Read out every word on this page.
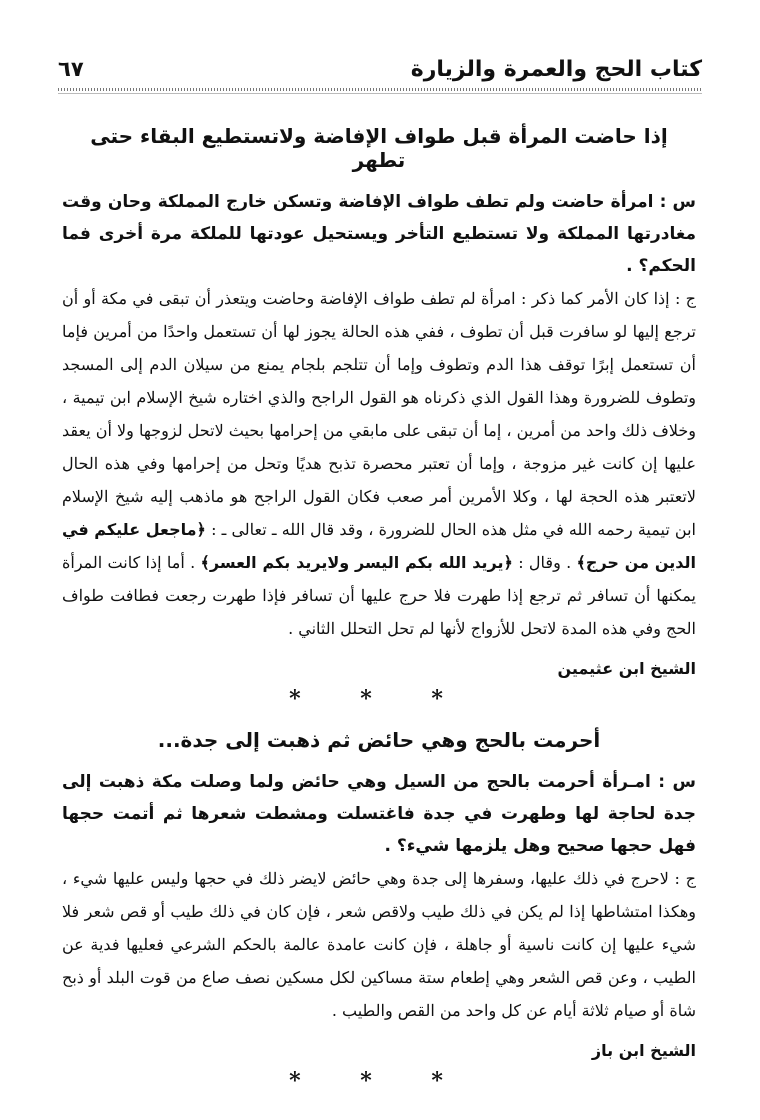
٦٧	كتاب الحج والعمرة والزيارة
إذا حاضت المرأة قبل طواف الإفاضة ولاتستطيع البقاء حتى تطهر

س : امرأة حاضت ولم تطف طواف الإفاضة وتسكن خارج المملكة وحان وقت مغادرتها المملكة ولا تستطيع التأخر ويستحيل عودتها للملكة مرة أخرى فما الحكم؟ .

ج : إذا كان الأمر كما ذكر : امرأة لم تطف طواف الإفاضة وحاضت ويتعذر أن تبقى في مكة أو أن ترجع إليها لو سافرت قبل أن تطوف ، ففي هذه الحالة يجوز لها أن تستعمل واحدًا من أمرين فإما أن تستعمل إبرًا توقف هذا الدم وتطوف وإما أن تتلجم بلجام يمنع من سيلان الدم إلى المسجد وتطوف للضرورة وهذا القول الذي ذكرناه هو القول الراجح والذي اختاره شيخ الإسلام ابن تيمية ، وخلاف ذلك واحد من أمرين ، إما أن تبقى على مابقي من إحرامها بحيث لاتحل لزوجها ولا أن يعقد عليها إن كانت غير مزوجة ، وإما أن تعتبر محصرة تذبح هديًا وتحل من إحرامها وفي هذه الحال لاتعتبر هذه الحجة لها ، وكلا الأمرين أمر صعب فكان القول الراجح هو ماذهب إليه شيخ الإسلام ابن تيمية رحمه الله في مثل هذه الحال للضرورة ، وقد قال الله ـ تعالى ـ : ﴿ماجعل عليكم في الدين من حرج﴾ . وقال : ﴿يريد الله بكم اليسر ولايريد بكم العسر﴾ . أما إذا كانت المرأة يمكنها أن تسافر ثم ترجع إذا طهرت فلا حرج عليها أن تسافر فإذا طهرت رجعت فطافت طواف الحج وفي هذه المدة لاتحل للأزواج لأنها لم تحل التحلل الثاني .

الشيخ ابن عثيمين
* * *
أحرمت بالحج وهي حائض ثم ذهبت إلى جدة...

س : امـرأة أحرمت بالحج من السيل وهي حائض ولما وصلت مكة ذهبت إلى جدة لحاجة لها وطهرت في جدة فاغتسلت ومشطت شعرها ثم أتمت حجها فهل حجها صحيح وهل يلزمها شيء؟ .

ج : لاحرج في ذلك عليها، وسفرها إلى جدة وهي حائض لايضر ذلك في حجها وليس عليها شيء ، وهكذا امتشاطها إذا لم يكن في ذلك طيب ولاقص شعر ، فإن كان في ذلك طيب أو قص شعر فلا شيء عليها إن كانت ناسية أو جاهلة ، فإن كانت عامدة عالمة بالحكم الشرعي فعليها فدية عن الطيب ، وعن قص الشعر وهي إطعام ستة مساكين لكل مسكين نصف صاع من قوت البلد أو ذبح شاة أو صيام ثلاثة أيام عن كل واحد من القص والطيب .

الشيخ ابن باز
* * *
